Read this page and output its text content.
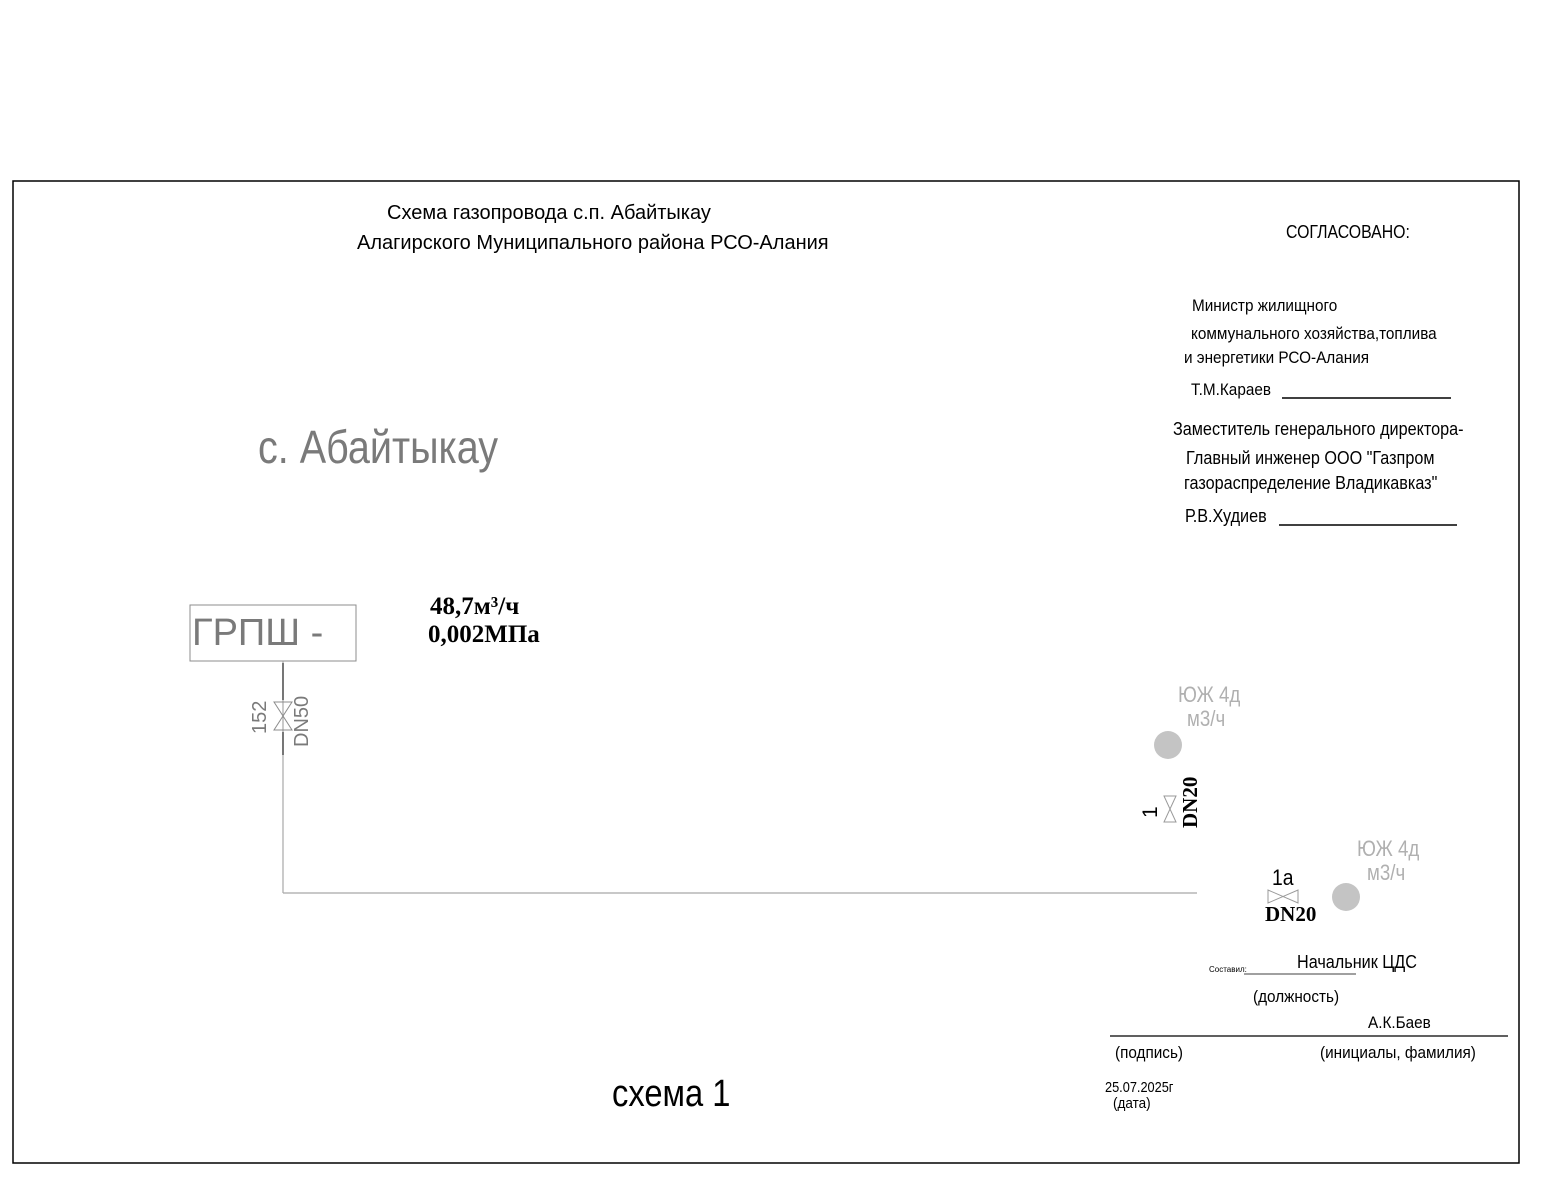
Схема газопровода с.п. Абайтыкау
Алагирского Муниципального района РСО-Алания	СОГЛАСОВАНО:
Министр жилищного
коммунального хозяйства,топлива
и энергетики РСО-Алания
Т.М.Караев
Заместитель генерального директора-
Главный инженер ООО "Газпром
газораспределение Владикавказ"
Р.В.Худиев
с. Абайтыкау
ГРПШ -
48,7м³/ч
0,002МПа
152 DN50
ЮЖ 4д
м3/ч
1 DN20
ЮЖ 4д
м3/ч
1а
DN20
Составил:	Начальник ЦДС
(должность)
А.К.Баев
(подпись)	(инициалы, фамилия)
25.07.2025г
(дата)
схема 1
